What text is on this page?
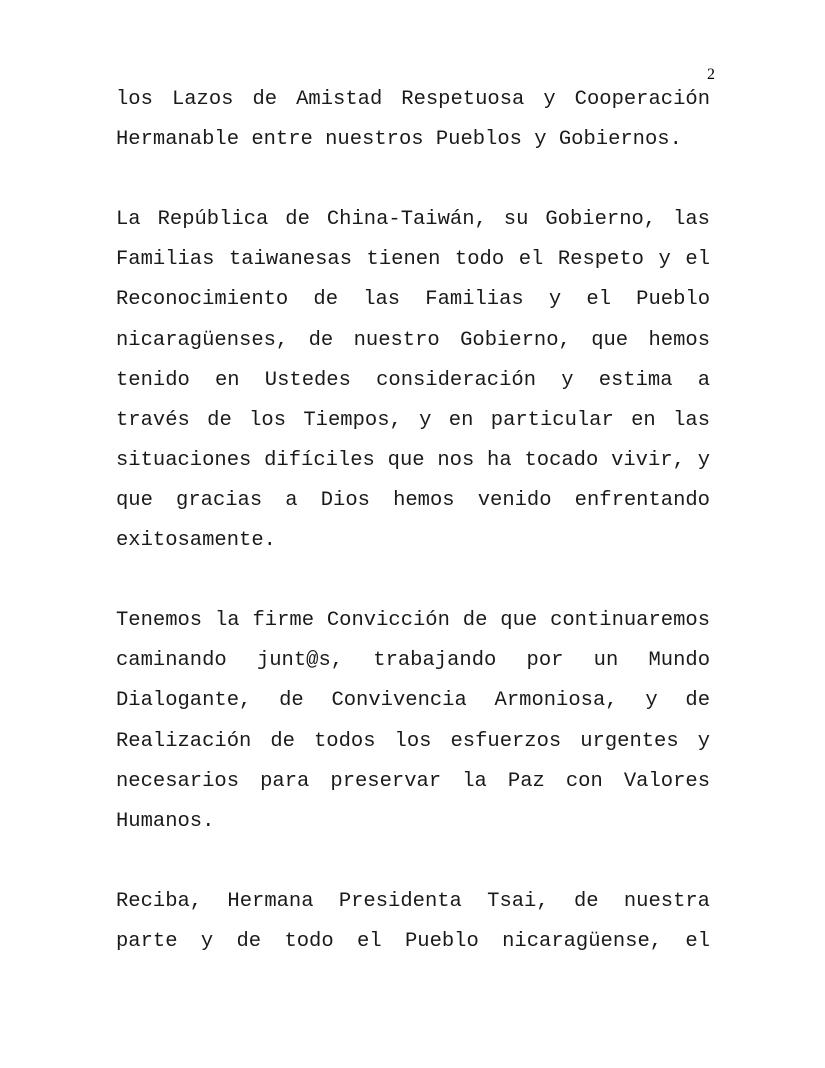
2

los Lazos de Amistad Respetuosa y Cooperación Hermanable entre nuestros Pueblos y Gobiernos.

La República de China-Taiwán, su Gobierno, las Familias taiwanesas tienen todo el Respeto y el Reconocimiento de las Familias y el Pueblo nicaragüenses, de nuestro Gobierno, que hemos tenido en Ustedes consideración y estima a través de los Tiempos, y en particular en las situaciones difíciles que nos ha tocado vivir, y que gracias a Dios hemos venido enfrentando exitosamente.

Tenemos la firme Convicción de que continuaremos caminando junt@s, trabajando por un Mundo Dialogante, de Convivencia Armoniosa, y de Realización de todos los esfuerzos urgentes y necesarios para preservar la Paz con Valores Humanos.

Reciba, Hermana Presidenta Tsai, de nuestra parte y de todo el Pueblo nicaragüense, el
